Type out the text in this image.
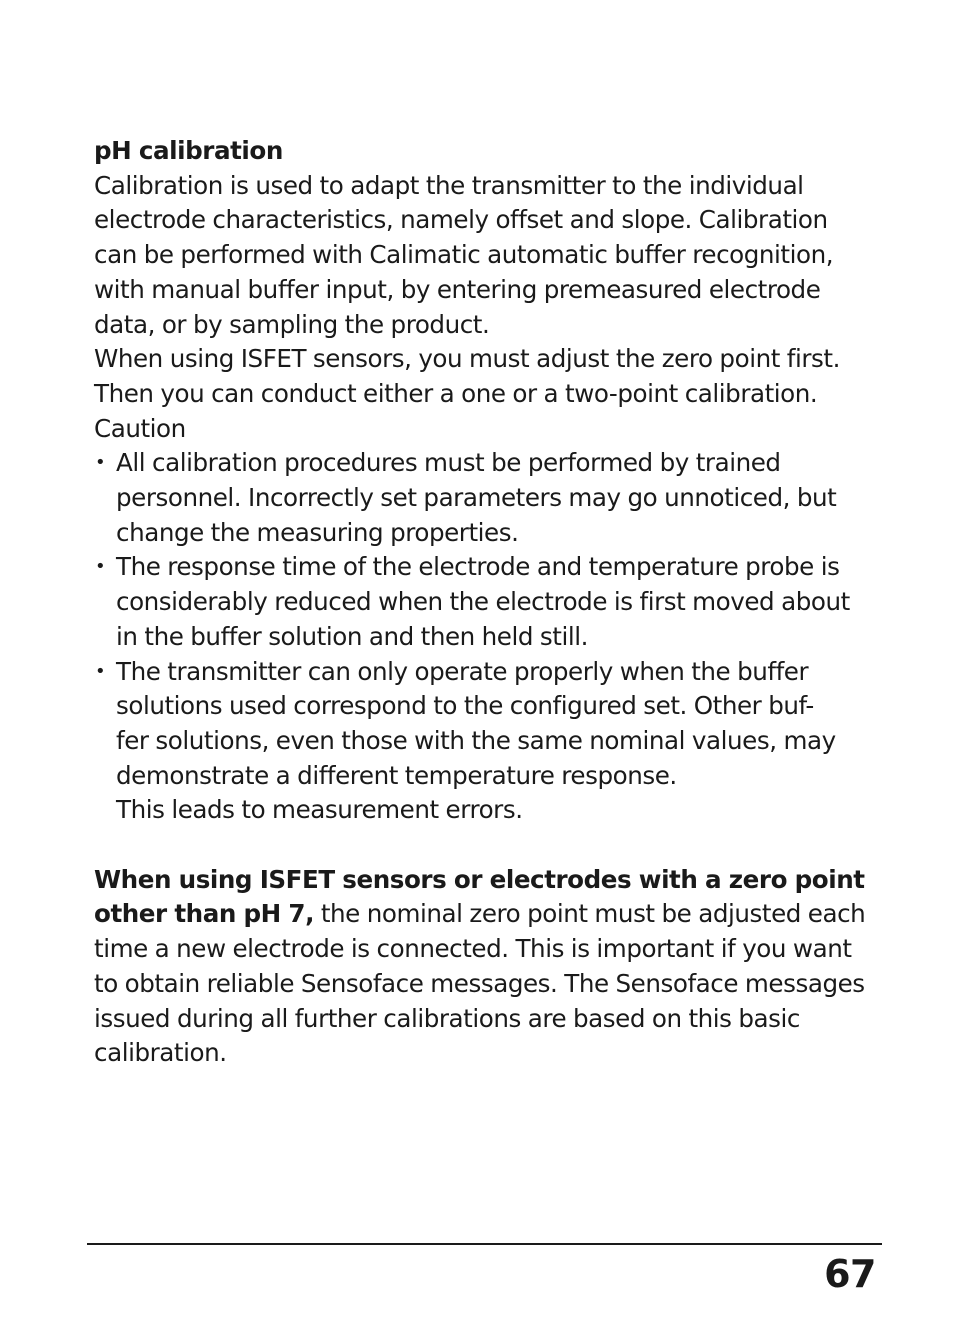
pH calibration
Calibration is used to adapt the transmitter to the individual
electrode characteristics, namely offset and slope. Calibration
can be performed with Calimatic automatic buffer recognition,
with manual buffer input, by entering premeasured electrode
data, or by sampling the product.
When using ISFET sensors, you must adjust the zero point first.
Then you can conduct either a one or a two-point calibration.
Caution
• All calibration procedures must be performed by trained
personnel. Incorrectly set parameters may go unnoticed, but
change the measuring properties.
• The response time of the electrode and temperature probe is
considerably reduced when the electrode is first moved about
in the buffer solution and then held still.
• The transmitter can only operate properly when the buffer
solutions used correspond to the configured set. Other buf-
fer solutions, even those with the same nominal values, may
demonstrate a different temperature response.
This leads to measurement errors.
When using ISFET sensors or electrodes with a zero point
other than pH 7, the nominal zero point must be adjusted each
time a new electrode is connected. This is important if you want
to obtain reliable Sensoface messages. The Sensoface messages
issued during all further calibrations are based on this basic
calibration.
67
